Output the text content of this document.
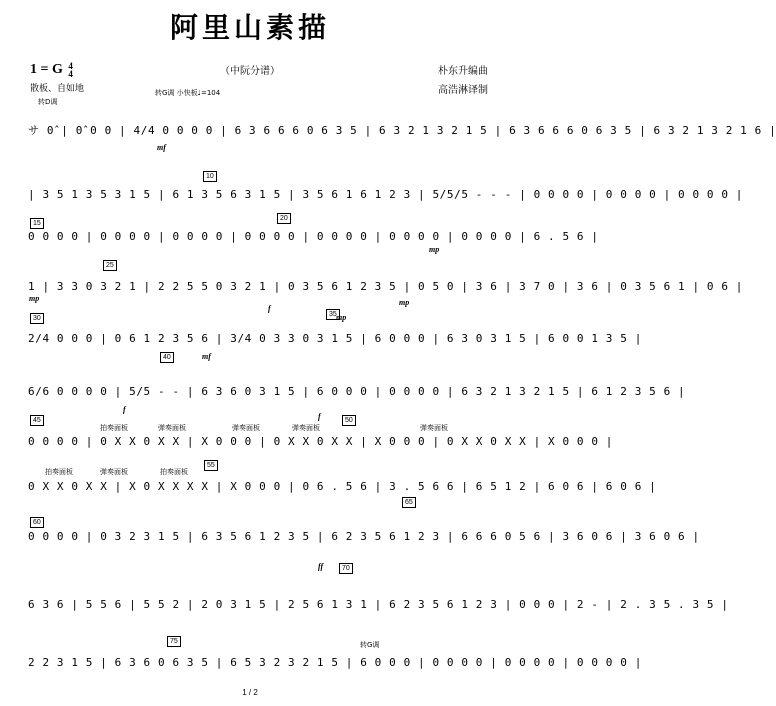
阿里山素描
（中阮分谱）	朴东升编曲
高浩淋译制
1 = G 4
4
散板、自如地	转G调 小快板♩=104
转D调
サ 0̂ | 0̂ 0 0 | 4/4 0 0 0 0 | 6 3 6 6 6 0 6 3 5 | 6 3 2 1 3 2 1 5 | 6 3 6 6 6 0 6 3 5 | 6 3 2 1 3 2 1 6 |
| 3 5 1 3 5 3 1 5 | 6 1 3 5 6 3 1 5 | 3 5 6 1 6 1 2 3 | 5/5/5 - - - | 0 0 0 0 | 0 0 0 0 | 0 0 0 0 |
0 0 0 0 | 0 0 0 0 | 0 0 0 0 | 0 0 0 0 | 0 0 0 0 | 0 0 0 0 | 0 0 0 0 | 6 . 5 6 |
1 | 3 3 0 3 2 1 | 2 2 5 5 0 3 2 1 | 0 3 5 6 1 2 3 5 | 0 5 0 | 3 6 | 3 7 0 | 3 6 | 0 3 5 6 1 | 0 6 |
2/4 0 0 0 | 0 6 1 2 3 5 6 | 3/4 0 3 3 0 3 1 5 | 6 0 0 0 | 6 3 0 3 1 5 | 6 0 0 1 3 5 |
6/6 0 0 0 0 | 5/5 - - | 6 3 6 0 3 1 5 | 6 0 0 0 | 0 0 0 0 | 6 3 2 1 3 2 1 5 | 6 1 2 3 5 6 |
0 0 0 0 | 0 X X 0 X X | X 0 0 0 | 0 X X 0 X X | X 0 0 0 | 0 X X 0 X X | X 0 0 0 |
0 X X 0 X X | X 0 X X X X | X 0 0 0 | 0 6 . 5 6 | 3 . 5 6 6 | 6 5 1 2 | 6 0 6 | 6 0 6 |
0 0 0 0 | 0 3 2 3 1 5 | 6 3 5 6 1 2 3 5 | 6 2 3 5 6 1 2 3 | 6 6 6 0 5 6 | 3 6 0 6 | 3 6 0 6 |
6 3 6 | 5 5 6 | 5 5 2 | 2 0 3 1 5 | 2 5 6 1 3 1 | 6 2 3 5 6 1 2 3 | 0 0 0 | 2 - | 2 . 3 5 . 3 5 |
2 2 3 1 5 | 6 3 6 0 6 3 5 | 6 5 3 2 3 2 1 5 | 6 0 0 0 | 0 0 0 0 | 0 0 0 0 | 0 0 0 0 |
拍奏面板	弹奏面板	弹奏面板	弹奏面板
拍奏面板	弹奏面板	拍奏面板
弹奏面板
转G调
10
15
20
25
30
35
40
45	50
55
60
65
70
75
mf
f
mp	mp
mp
f
mf
f
mp
ff
1 / 2
